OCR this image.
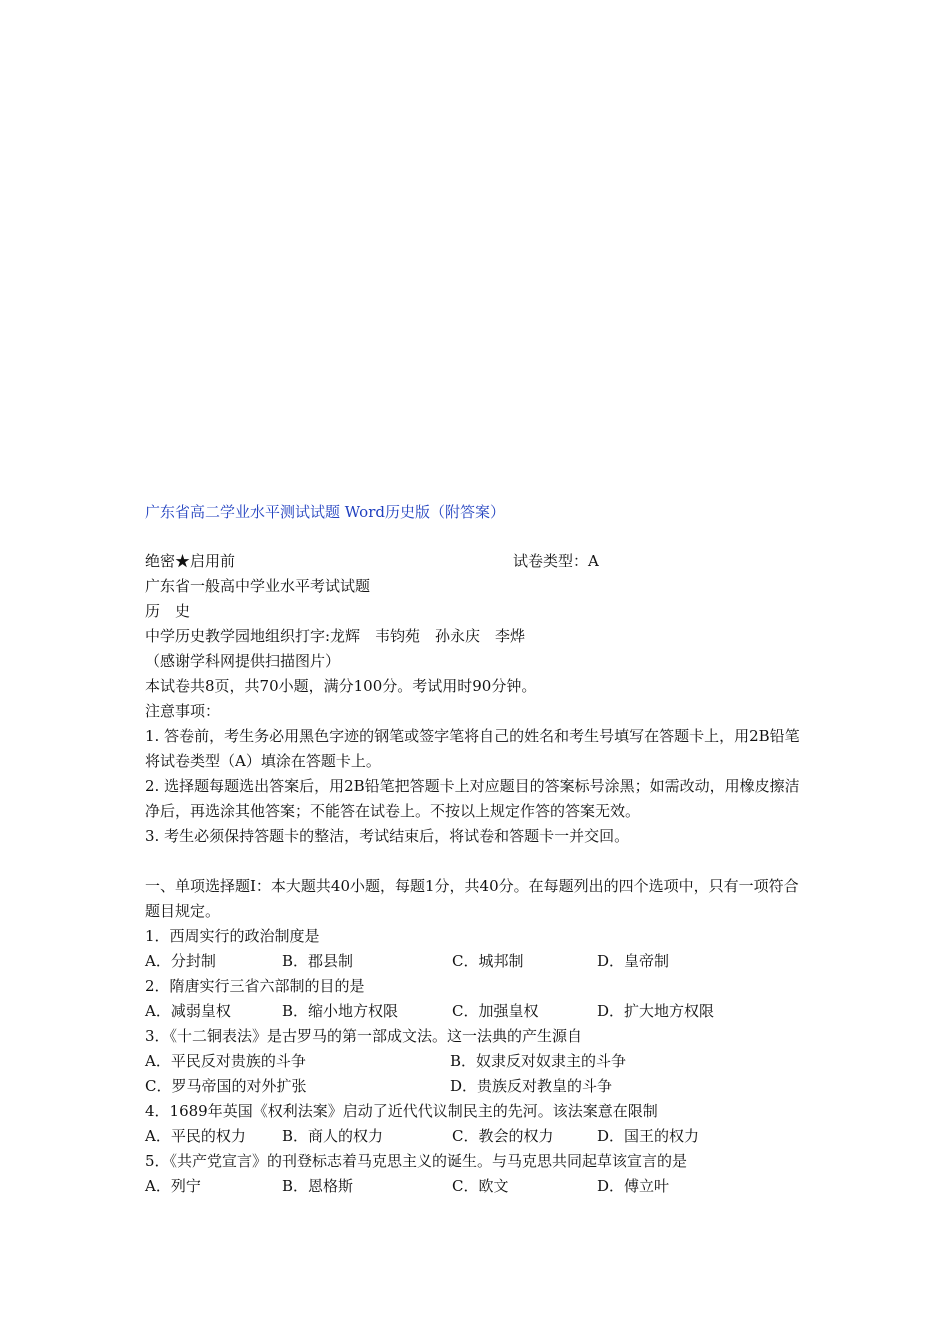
广东省高二学业水平测试试题 Word历史版（附答案）
绝密★启用前	试卷类型：A
广东省一般高中学业水平考试试题
历　史
中学历史教学园地组织打字:龙辉　韦钧苑　孙永庆　李烨
（感谢学科网提供扫描图片）
本试卷共8页，共70小题，满分100分。考试用时90分钟。
注意事项：
1. 答卷前，考生务必用黑色字迹的钢笔或签字笔将自己的姓名和考生号填写在答题卡上，用2B铅笔将试卷类型（A）填涂在答题卡上。
2. 选择题每题选出答案后，用2B铅笔把答题卡上对应题目的答案标号涂黑；如需改动，用橡皮擦洁净后，再选涂其他答案；不能答在试卷上。不按以上规定作答的答案无效。
3. 考生必须保持答题卡的整洁，考试结束后，将试卷和答题卡一并交回。
一、单项选择题Ⅰ：本大题共40小题，每题1分，共40分。在每题列出的四个选项中，只有一项符合题目规定。
1．西周实行的政治制度是
A．分封制	B．郡县制	C．城邦制	D．皇帝制
2．隋唐实行三省六部制的目的是
A．减弱皇权	B．缩小地方权限	C．加强皇权	D．扩大地方权限
3．《十二铜表法》是古罗马的第一部成文法。这一法典的产生源自
A．平民反对贵族的斗争	B．奴隶反对奴隶主的斗争
C．罗马帝国的对外扩张	D．贵族反对教皇的斗争
4．1689年英国《权利法案》启动了近代代议制民主的先河。该法案意在限制
A．平民的权力 B．商人的权力	C．教会的权力	D．国王的权力
5．《共产党宣言》的刊登标志着马克思主义的诞生。与马克思共同起草该宣言的是
A．列宁	B．恩格斯	C．欧文	D．傅立叶
